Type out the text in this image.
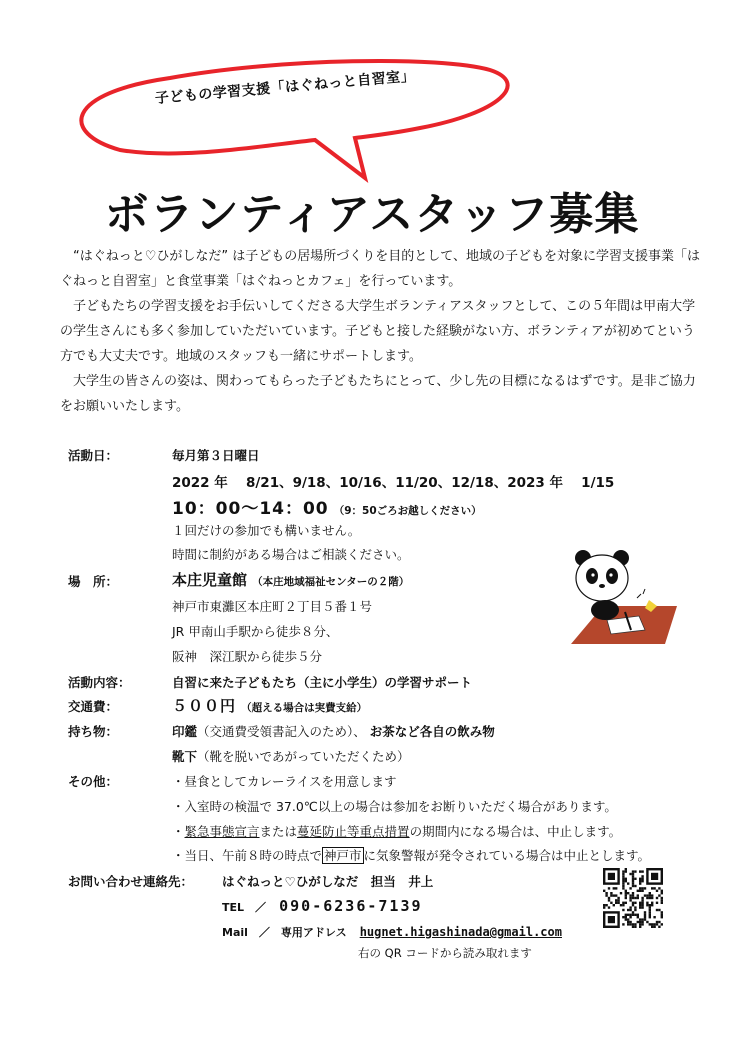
子どもの学習支援「はぐねっと自習室」
ボランティアスタッフ募集

　“はぐねっと♡ひがしなだ” は子どもの居場所づくりを目的として、地域の子どもを対象に学習支援事業「はぐねっと自習室」と食堂事業「はぐねっとカフェ」を行っています。

　子どもたちの学習支援をお手伝いしてくださる大学生ボランティアスタッフとして、この５年間は甲南大学の学生さんにも多く参加していただいています。子どもと接した経験がない方、ボランティアが初めてという方でも大丈夫です。地域のスタッフも一緒にサポートします。

　大学生の皆さんの姿は、関わってもらった子どもたちにとって、少し先の目標になるはずです。是非ご協力をお願いいたします。

活動日：	毎月第３日曜日
2022 年　 8/21、9/18、10/16、11/20、12/18、2023 年　 1/15
10：00～14：00 （9：50ごろお越しください）
１回だけの参加でも構いません。
時間に制約がある場合はご相談ください。
場　所：	本庄児童館 （本庄地域福祉センターの２階）
神戸市東灘区本庄町２丁目５番１号
JR 甲南山手駅から徒歩８分、
阪神　深江駅から徒歩５分
活動内容：	自習に来た子どもたち（主に小学生）の学習サポート
交通費：	５００円 （超える場合は実費支給）
持ち物：	印鑑（交通費受領書記入のため）、 お茶など各自の飲み物
靴下（靴を脱いであがっていただくため）
その他：	・昼食としてカレーライスを用意します
・入室時の検温で 37.0℃以上の場合は参加をお断りいただく場合があります。
・緊急事態宣言または蔓延防止等重点措置の期間内になる場合は、中止します。
・当日、午前８時の時点で 神戸市 に気象警報が発令されている場合は中止とします。
お問い合わせ連絡先： はぐねっと♡ひがしなだ　担当　井上
TEL　／ 090-6236-7139
Mail　／　専用アドレス hugnet.higashinada@gmail.com
右の QR コードから読み取れます
